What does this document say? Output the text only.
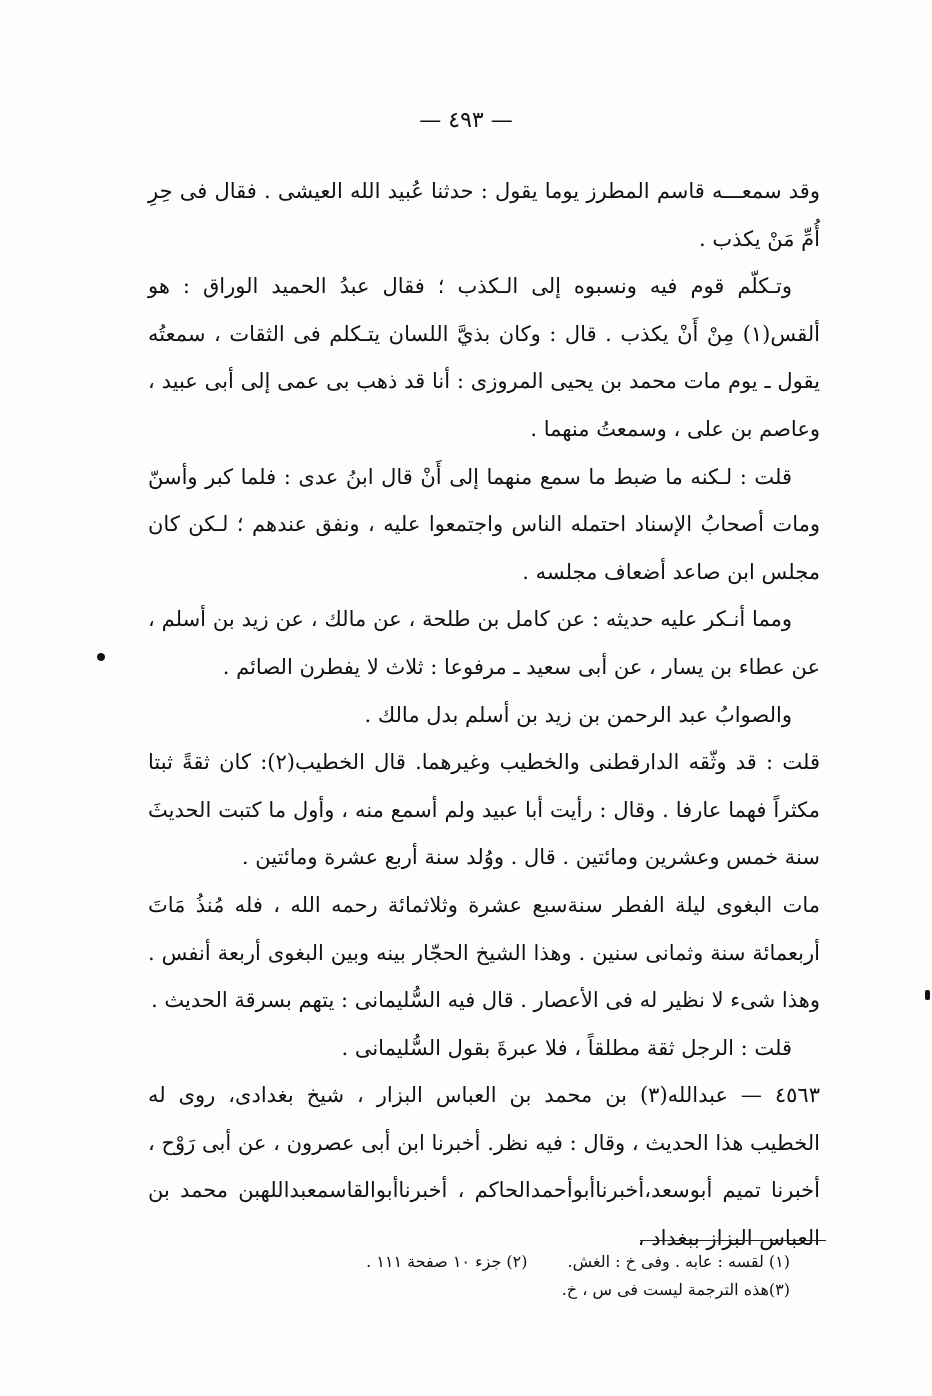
— ٤٩٣ —

وقد سمعـــه قاسم المطرز يوما يقول : حدثنا عُبيد الله العيشى . فقال فى حِرِ أُمِّ مَنْ يكذب .

وتـكلّم قوم فيه ونسبوه إلى الـكذب ؛ فقال عبدُ الحميد الوراق : هو ألقس(١) مِنْ أَنْ يكذب . قال : وكان بذيَّ اللسان يتـكلم فى الثقات ، سمعتُه يقول ـ يوم مات محمد بن يحيى المروزى : أنا قد ذهب بى عمى إلى أبى عبيد ، وعاصم بن على ، وسمعتُ منهما .

قلت : لـكنه ما ضبط ما سمع منهما إلى أَنْ قال ابنُ عدى : فلما كبر وأسنّ ومات أصحابُ الإسناد احتمله الناس واجتمعوا عليه ، ونفق عندهم ؛ لـكن كان مجلس ابن صاعد أضعاف مجلسه .

ومما أنـكر عليه حديثه : عن كامل بن طلحة ، عن مالك ، عن زيد بن أسلم ، عن عطاء بن يسار ، عن أبى سعيد ـ مرفوعا : ثلاث لا يفطرن الصائم .

والصوابُ عبد الرحمن بن زيد بن أسلم بدل مالك .

قلت : قد وثّقه الدارقطنى والخطيب وغيرهما. قال الخطيب(٢): كان ثقةً ثبتا مكثراً فهما عارفا . وقال : رأيت أبا عبيد ولم أسمع منه ، وأول ما كتبت الحديثَ سنة خمس وعشرين ومائتين . قال . ووُلد سنة أربع عشرة ومائتين .

مات البغوى ليلة الفطر سنةسبع عشرة وثلاثمائة رحمه الله ، فله مُنذُ مَاتَ أربعمائة سنة وثمانى سنين . وهذا الشيخ الحجّار بينه وبين البغوى أربعة أنفس . وهذا شىء لا نظير له فى الأعصار . قال فيه السُّليمانى : يتهم بسرقة الحديث .

قلت : الرجل ثقة مطلقاً ، فلا عبرةَ بقول السُّليمانى .

٤٥٦٣ — عبدالله(٣) بن محمد بن العباس البزار ، شيخ بغدادى، روى له الخطيب هذا الحديث ، وقال : فيه نظر. أخبرنا ابن أبى عصرون ، عن أبى رَوْح ، أخبرنا تميم أبوسعد،أخبرناأبوأحمدالحاكم ، أخبرناأبوالقاسمعبداللهبن محمد بن العباس البزاز ببغداد ،

(١) لقسه : عابه . وفى خ : الغش.
(٢) جزء ١٠ صفحة ١١١ .
(٣)هذه الترجمة ليست فى س ، خ.
